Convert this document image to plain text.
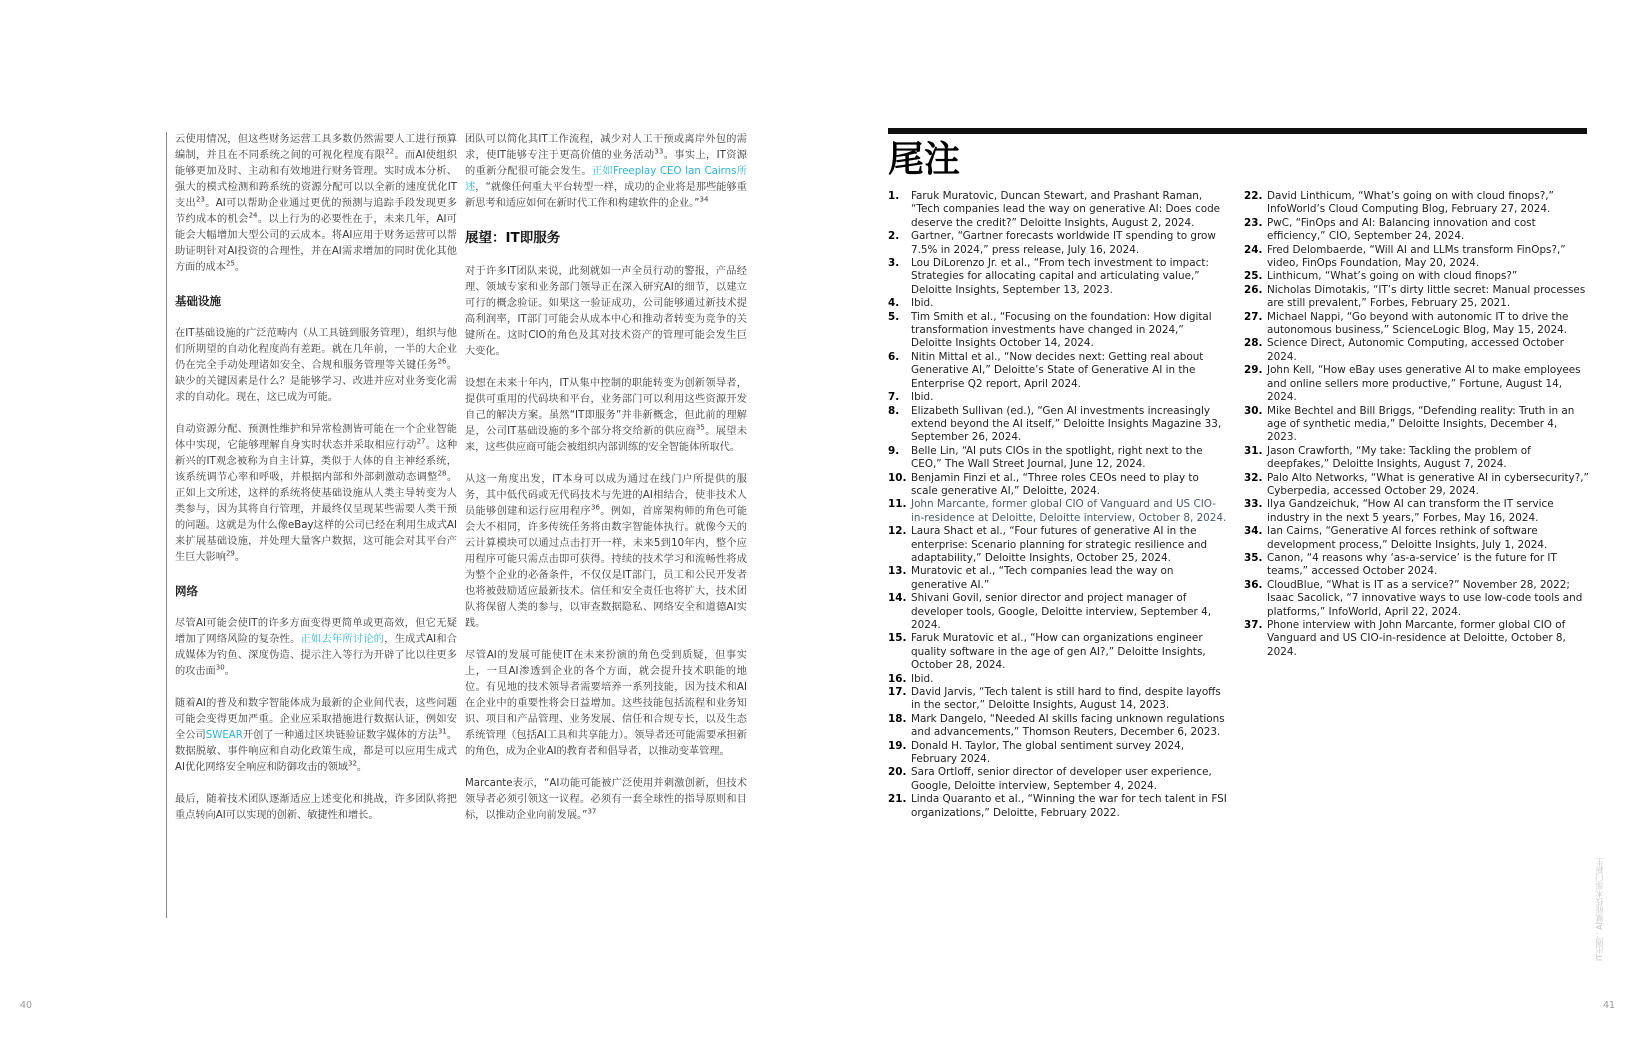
云使用情况，但这些财务运营工具多数仍然需要人工进行预算编制，并且在不同系统之间的可视化程度有限$^{22}$。而AI使组织能够更加及时、主动和有效地进行财务管理。实时成本分析、强大的模式检测和跨系统的资源分配可以以全新的速度优化IT支出$^{23}$。AI可以帮助企业通过更优的预测与追踪手段发现更多节约成本的机会$^{24}$。以上行为的必要性在于，未来几年，AI可能会大幅增加大型公司的云成本。将AI应用于财务运营可以帮助证明针对AI投资的合理性，并在AI需求增加的同时优化其他方面的成本$^{25}$。

基础设施

在IT基础设施的广泛范畴内（从工具链到服务管理），组织与他们所期望的自动化程度尚有差距。就在几年前，一半的大企业仍在完全手动处理诸如安全、合规和服务管理等关键任务$^{26}$。缺少的关键因素是什么？是能够学习、改进并应对业务变化需求的自动化。现在，这已成为可能。

自动资源分配、预测性维护和异常检测皆可能在一个企业智能体中实现，它能够理解自身实时状态并采取相应行动$^{27}$。这种新兴的IT观念被称为自主计算，类似于人体的自主神经系统，该系统调节心率和呼吸，并根据内部和外部刺激动态调整$^{28}$。正如上文所述，这样的系统将使基础设施从人类主导转变为人类参与，因为其将自行管理，并最终仅呈现某些需要人类干预的问题。这就是为什么像eBay这样的公司已经在利用生成式AI来扩展基础设施，并处理大量客户数据，这可能会对其平台产生巨大影响$^{29}$。

网络

尽管AI可能会使IT的许多方面变得更简单或更高效，但它无疑增加了网络风险的复杂性。正如去年所讨论的，生成式AI和合成媒体为钓鱼、深度伪造、提示注入等行为开辟了比以往更多的攻击面$^{30}$。

随着AI的普及和数字智能体成为最新的企业间代表，这些问题可能会变得更加严重。企业应采取措施进行数据认证，例如安全公司SWEAR开创了一种通过区块链验证数字媒体的方法$^{31}$。数据脱敏、事件响应和自动化政策生成，都是可以应用生成式AI优化网络安全响应和防御攻击的领域$^{32}$。

最后，随着技术团队逐渐适应上述变化和挑战，许多团队将把重点转向AI可以实现的创新、敏捷性和增长。

团队可以简化其IT工作流程，减少对人工干预或离岸外包的需求，使IT能够专注于更高价值的业务活动$^{33}$。事实上，IT资源的重新分配很可能会发生。正如Freeplay CEO Ian Cairns所述，“就像任何重大平台转型一样，成功的企业将是那些能够重新思考和适应如何在新时代工作和构建软件的企业。”$^{34}$

展望：IT即服务

对于许多IT团队来说，此刻就如一声全员行动的警报，产品经理、领域专家和业务部门领导正在深入研究AI的细节，以建立可行的概念验证。如果这一验证成功，公司能够通过新技术提高利润率，IT部门可能会从成本中心和推动者转变为竞争的关键所在。这时CIO的角色及其对技术资产的管理可能会发生巨大变化。

设想在未来十年内，IT从集中控制的职能转变为创新领导者，提供可重用的代码块和平台，业务部门可以利用这些资源开发自己的解决方案。虽然“IT即服务”并非新概念，但此前的理解是，公司IT基础设施的多个部分将交给新的供应商$^{35}$。展望未来，这些供应商可能会被组织内部训练的安全智能体所取代。

从这一角度出发，IT本身可以成为通过在线门户所提供的服务，其中低代码或无代码技术与先进的AI相结合，使非技术人员能够创建和运行应用程序$^{36}$。例如，首席架构师的角色可能会大不相同，许多传统任务将由数字智能体执行。就像今天的云计算模块可以通过点击打开一样，未来5到10年内，整个应用程序可能只需点击即可获得。持续的技术学习和流畅性将成为整个企业的必备条件，不仅仅是IT部门，员工和公民开发者也将被鼓励适应最新技术。信任和安全责任也将扩大，技术团队将保留人类的参与，以审查数据隐私、网络安全和道德AI实践。

尽管AI的发展可能使IT在未来扮演的角色受到质疑，但事实上，一旦AI渗透到企业的各个方面，就会提升技术职能的地位。有见地的技术领导者需要培养一系列技能，因为技术和AI在企业中的重要性将会日益增加。这些技能包括流程和业务知识、项目和产品管理、业务发展、信任和合规专长，以及生态系统管理（包括AI工具和共享能力）。领导者还可能需要承担新的角色，成为企业AI的教育者和倡导者，以推动变革管理。

Marcante表示，“AI功能可能被广泛使用并刺激创新，但技术领导者必须引领这一议程。必须有一套全球性的指导原则和目标，以推动企业向前发展。”$^{37}$

40
尾注
1. Faruk Muratovic, Duncan Stewart, and Prashant Raman, “Tech companies lead the way on generative AI: Does code deserve the credit?” Deloitte Insights, August 2, 2024.
2. Gartner, “Gartner forecasts worldwide IT spending to grow 7.5% in 2024,” press release, July 16, 2024.
3. Lou DiLorenzo Jr. et al., “From tech investment to impact: Strategies for allocating capital and articulating value,” Deloitte Insights, September 13, 2023.
4. Ibid.
5. Tim Smith et al., “Focusing on the foundation: How digital transformation investments have changed in 2024,” Deloitte Insights October 14, 2024.
6. Nitin Mittal et al., “Now decides next: Getting real about Generative AI,” Deloitte’s State of Generative AI in the Enterprise Q2 report, April 2024.
7. Ibid.
8. Elizabeth Sullivan (ed.), “Gen AI investments increasingly extend beyond the AI itself,” Deloitte Insights Magazine 33, September 26, 2024.
9. Belle Lin, “AI puts CIOs in the spotlight, right next to the CEO,” The Wall Street Journal, June 12, 2024.
10. Benjamin Finzi et al., “Three roles CEOs need to play to scale generative AI,” Deloitte, 2024.
11. John Marcante, former global CIO of Vanguard and US CIO-in-residence at Deloitte, Deloitte interview, October 8, 2024.
12. Laura Shact et al., “Four futures of generative AI in the enterprise: Scenario planning for strategic resilience and adaptability,” Deloitte Insights, October 25, 2024.
13. Muratovic et al., “Tech companies lead the way on generative AI.”
14. Shivani Govil, senior director and project manager of developer tools, Google, Deloitte interview, September 4, 2024.
15. Faruk Muratovic et al., “How can organizations engineer quality software in the age of gen AI?,” Deloitte Insights, October 28, 2024.
16. Ibid.
17. David Jarvis, “Tech talent is still hard to find, despite layoffs in the sector,” Deloitte Insights, August 14, 2023.
18. Mark Dangelo, “Needed AI skills facing unknown regulations and advancements,” Thomson Reuters, December 6, 2023.
19. Donald H. Taylor, The global sentiment survey 2024, February 2024.
20. Sara Ortloff, senior director of developer user experience, Google, Deloitte interview, September 4, 2024.
21. Linda Quaranto et al., “Winning the war for tech talent in FSI organizations,” Deloitte, February 2022.
22. David Linthicum, “What’s going on with cloud finops?,” InfoWorld’s Cloud Computing Blog, February 27, 2024.
23. PwC, “FinOps and AI: Balancing innovation and cost efficiency,” CIO, September 24, 2024.
24. Fred Delombaerde, “Will AI and LLMs transform FinOps?,” video, FinOps Foundation, May 20, 2024.
25. Linthicum, “What’s going on with cloud finops?”
26. Nicholas Dimotakis, “IT’s dirty little secret: Manual processes are still prevalent,” Forbes, February 25, 2021.
27. Michael Nappi, “Go beyond with autonomic IT to drive the autonomous business,” ScienceLogic Blog, May 15, 2024.
28. Science Direct, Autonomic Computing, accessed October 2024.
29. John Kell, “How eBay uses generative AI to make employees and online sellers more productive,” Fortune, August 14, 2024.
30. Mike Bechtel and Bill Briggs, “Defending reality: Truth in an age of synthetic media,” Deloitte Insights, December 4, 2023.
31. Jason Crawforth, “My take: Tackling the problem of deepfakes,” Deloitte Insights, August 7, 2024.
32. Palo Alto Networks, “What is generative AI in cybersecurity?,” Cyberpedia, accessed October 29, 2024.
33. Ilya Gandzeichuk, “How AI can transform the IT service industry in the next 5 years,” Forbes, May 16, 2024.
34. Ian Cairns, “Generative AI forces rethink of software development process,” Deloitte Insights, July 1, 2024.
35. Canon, “4 reasons why ‘as-a-service’ is the future for IT teams,” accessed October 2024.
36. CloudBlue, “What is IT as a service?” November 28, 2022; Isaac Sacolick, “7 innovative ways to use low-code tools and platforms,” InfoWorld, April 22, 2024.
37. Phone interview with John Marcante, former global CIO of Vanguard and US CIO-in-residence at Deloitte, October 8, 2024.
IT出圈：AI赋能技术部门新生
41
